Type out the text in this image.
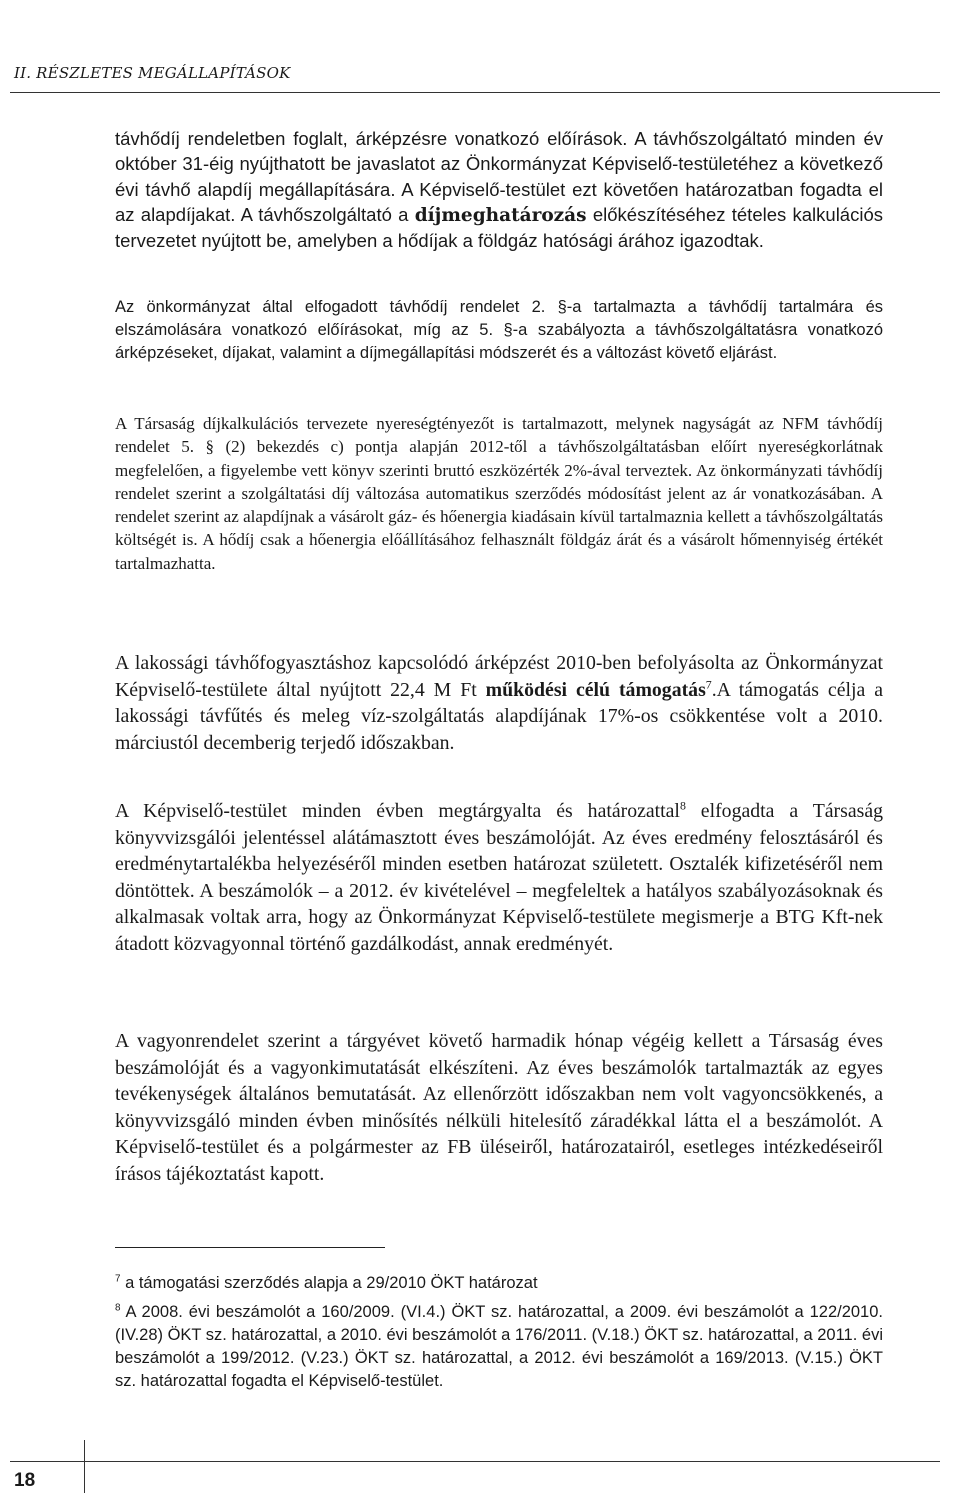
II. RÉSZLETES MEGÁLLAPÍTÁSOK

távhődíj rendeletben foglalt, árképzésre vonatkozó előírások. A távhőszolgáltató minden év október 31-éig nyújthatott be javaslatot az Önkormányzat Képviselő-testületéhez a következő évi távhő alapdíj megállapítására. A Képviselő-testület ezt követően határozatban fogadta el az alapdíjakat. A távhőszolgáltató a díjmeghatározás előkészítéséhez tételes kalkulációs tervezetet nyújtott be, amelyben a hődíjak a földgáz hatósági árához igazodtak.

Az önkormányzat által elfogadott távhődíj rendelet 2. §-a tartalmazta a távhődíj tartalmára és elszámolására vonatkozó előírásokat, míg az 5. §-a szabályozta a távhőszolgáltatásra vonatkozó árképzéseket, díjakat, valamint a díjmegállapítási módszerét és a változást követő eljárást.

A Társaság díjkalkulációs tervezete nyereségtényezőt is tartalmazott, melynek nagyságát az NFM távhődíj rendelet 5. § (2) bekezdés c) pontja alapján 2012-től a távhőszolgáltatásban előírt nyereségkorlátnak megfelelően, a figyelembe vett könyv szerinti bruttó eszközérték 2%-ával terveztek. Az önkormányzati távhődíj rendelet szerint a szolgáltatási díj változása automatikus szerződés módosítást jelent az ár vonatkozásában. A rendelet szerint az alapdíjnak a vásárolt gáz- és hőenergia kiadásain kívül tartalmaznia kellett a távhőszolgáltatás költségét is. A hődíj csak a hőenergia előállításához felhasznált földgáz árát és a vásárolt hőmennyiség értékét tartalmazhatta.

A lakossági távhőfogyasztáshoz kapcsolódó árképzést 2010-ben befolyásolta az Önkormányzat Képviselő-testülete által nyújtott 22,4 M Ft működési célú támogatás$^7$.A támogatás célja a lakossági távfűtés és meleg víz-szolgáltatás alapdíjának 17%-os csökkentése volt a 2010. márciustól decemberig terjedő időszakban.

A Képviselő-testület minden évben megtárgyalta és határozattal$^8$ elfogadta a Társaság könyvvizsgálói jelentéssel alátámasztott éves beszámolóját. Az éves eredmény felosztásáról és eredménytartalékba helyezéséről minden esetben határozat született. Osztalék kifizetéséről nem döntöttek. A beszámolók – a 2012. év kivételével – megfeleltek a hatályos szabályozásoknak és alkalmasak voltak arra, hogy az Önkormányzat Képviselő-testülete megismerje a BTG Kft-nek átadott közvagyonnal történő gazdálkodást, annak eredményét.

A vagyonrendelet szerint a tárgyévet követő harmadik hónap végéig kellett a Társaság éves beszámolóját és a vagyonkimutatását elkészíteni. Az éves beszámolók tartalmazták az egyes tevékenységek általános bemutatását. Az ellenőrzött időszakban nem volt vagyoncsökkenés, a könyvvizsgáló minden évben minősítés nélküli hitelesítő záradékkal látta el a beszámolót. A Képviselő-testület és a polgármester az FB üléseiről, határozatairól, esetleges intézkedéseiről írásos tájékoztatást kapott.

$^7$ a támogatási szerződés alapja a 29/2010 ÖKT határozat

$^8$ A 2008. évi beszámolót a 160/2009. (VI.4.) ÖKT sz. határozattal, a 2009. évi beszámolót a 122/2010. (IV.28) ÖKT sz. határozattal, a 2010. évi beszámolót a 176/2011. (V.18.) ÖKT sz. határozattal, a 2011. évi beszámolót a 199/2012. (V.23.) ÖKT sz. határozattal, a 2012. évi beszámolót a 169/2013. (V.15.) ÖKT sz. határozattal fogadta el Képviselő-testület.

18
